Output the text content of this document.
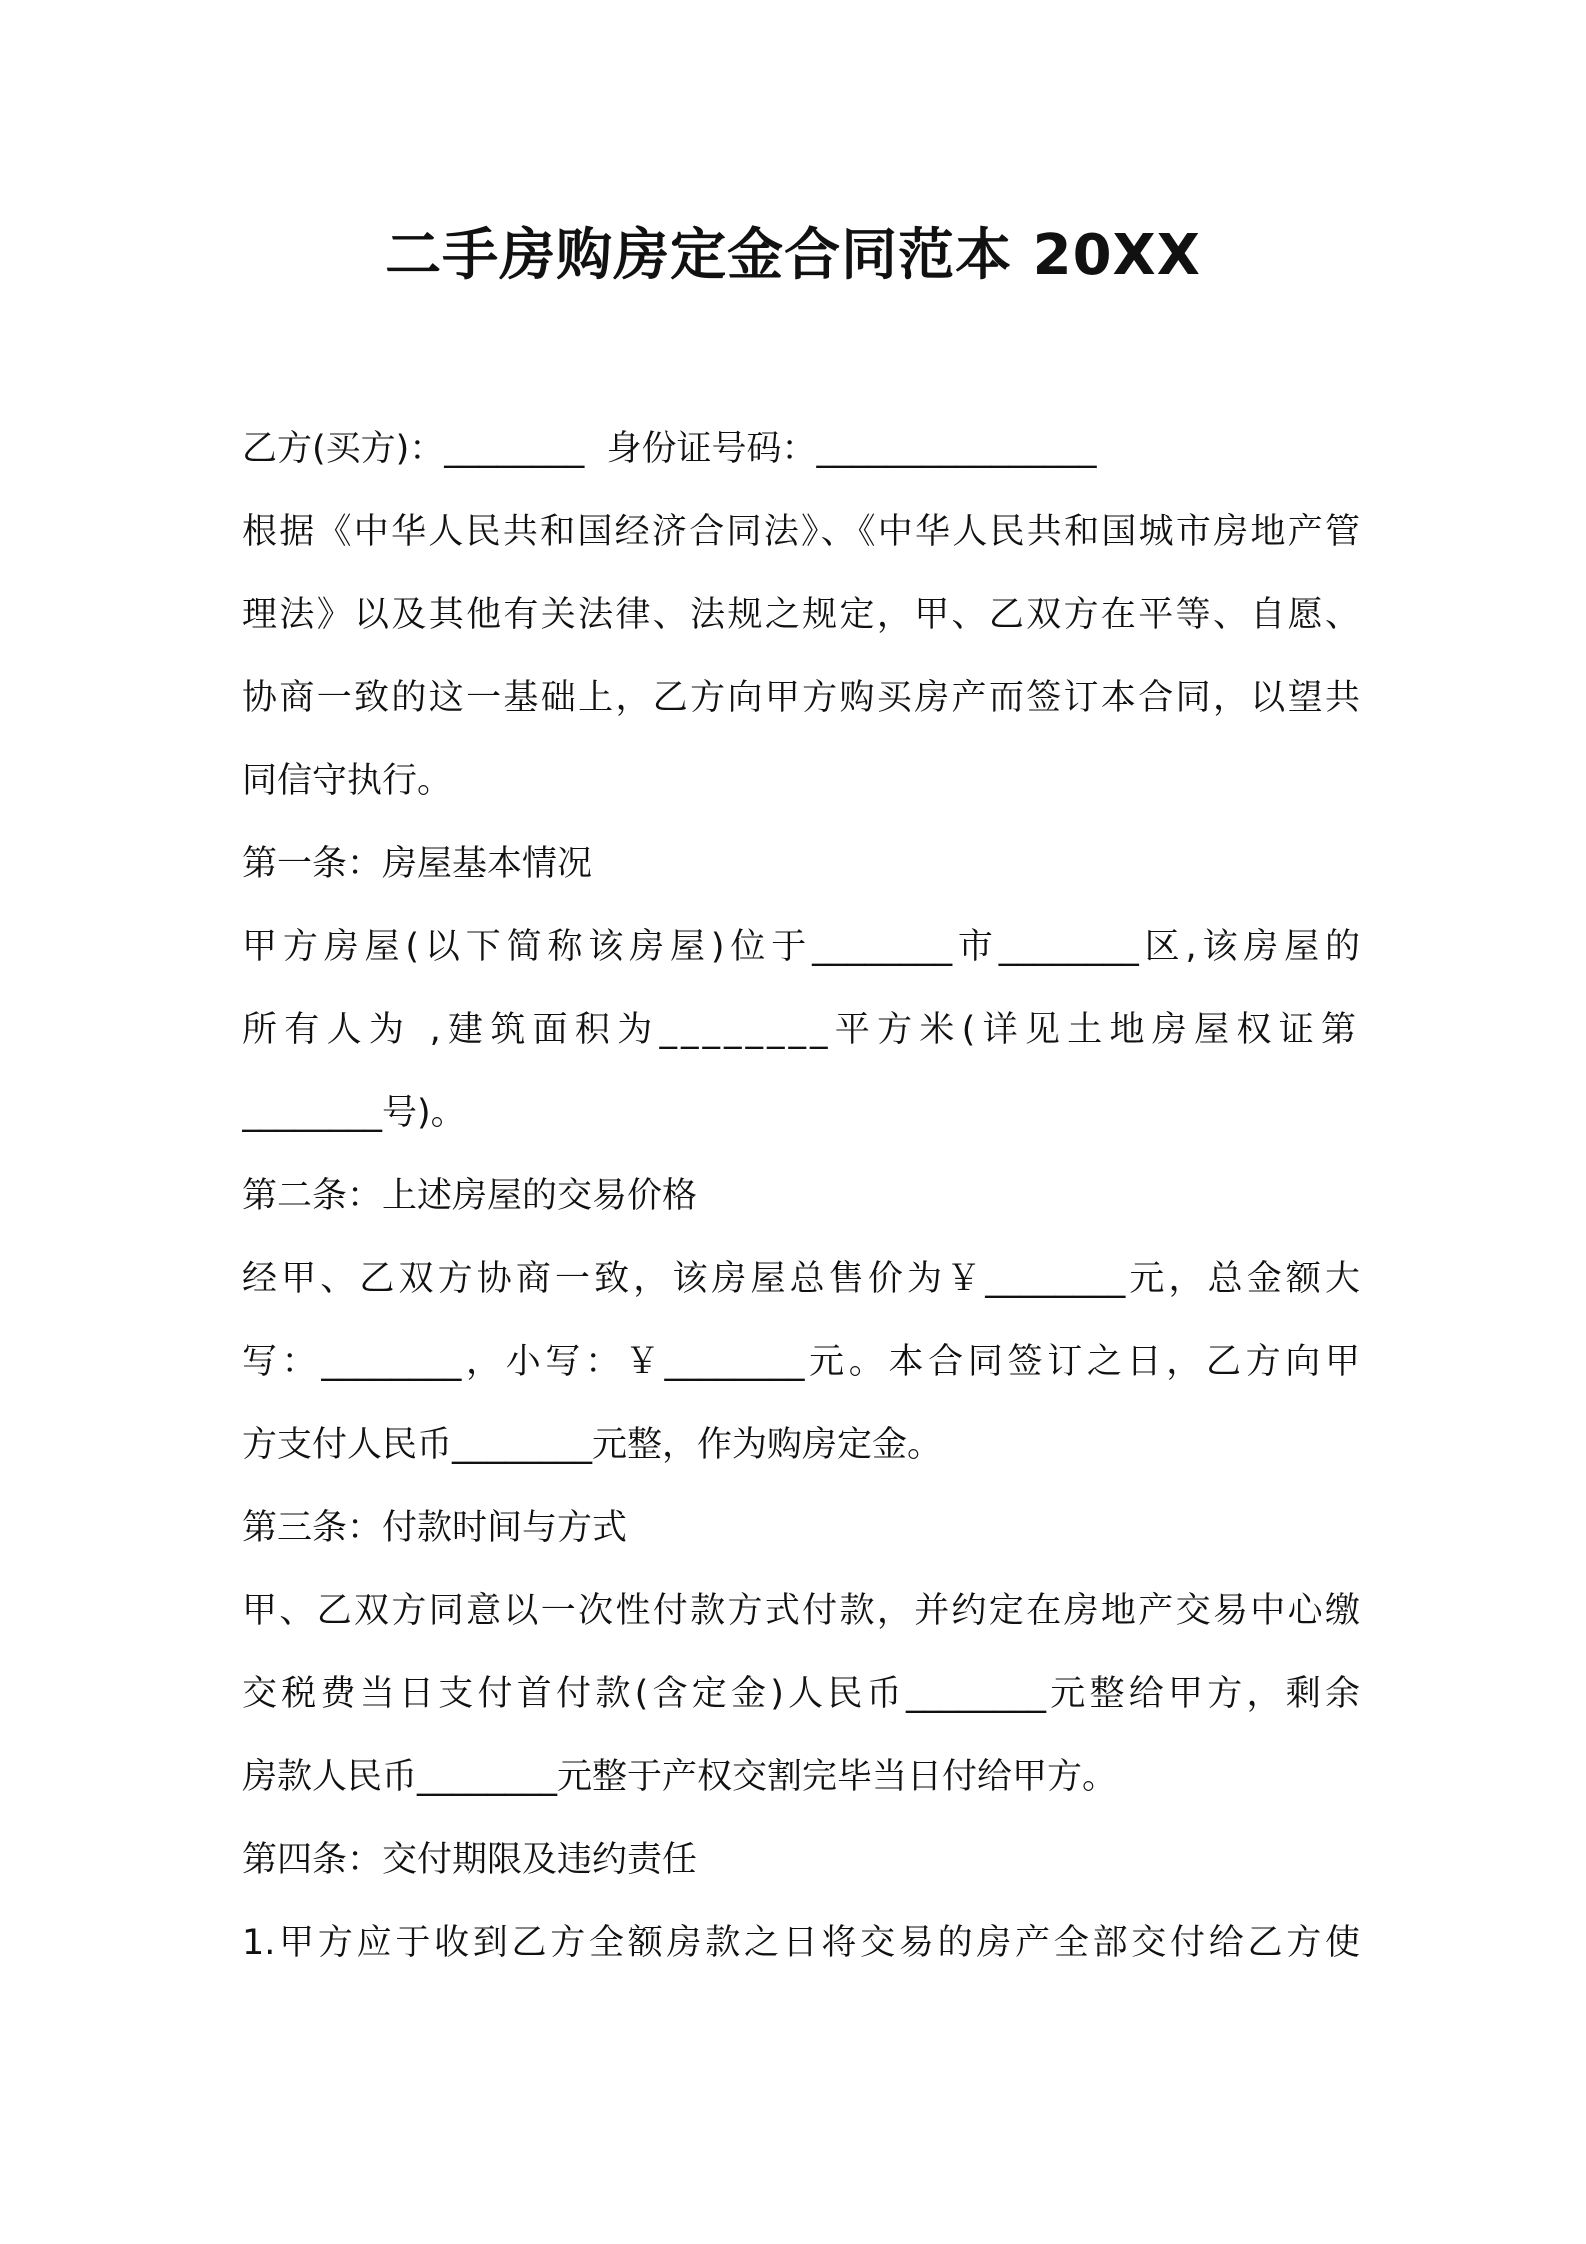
二手房购房定金合同范本 20XX
乙方(买方)：________  身份证号码：________________
根据《中华人民共和国经济合同法》、《中华人民共和国城市房地产管
理法》以及其他有关法律、法规之规定，甲、乙双方在平等、自愿、
协商一致的这一基础上，乙方向甲方购买房产而签订本合同，以望共
同信守执行。
第一条：房屋基本情况
甲方房屋(以下简称该房屋)位于________市________区,该房屋的
所有人为 ,建筑面积为________平方米(详见土地房屋权证第
________号)。
第二条：上述房屋的交易价格
经甲、乙双方协商一致，该房屋总售价为￥________元，总金额大
写：________，小写：￥________元。本合同签订之日，乙方向甲
方支付人民币________元整，作为购房定金。
第三条：付款时间与方式
甲、乙双方同意以一次性付款方式付款，并约定在房地产交易中心缴
交税费当日支付首付款(含定金)人民币________元整给甲方，剩余
房款人民币________元整于产权交割完毕当日付给甲方。
第四条：交付期限及违约责任
1.甲方应于收到乙方全额房款之日将交易的房产全部交付给乙方使
